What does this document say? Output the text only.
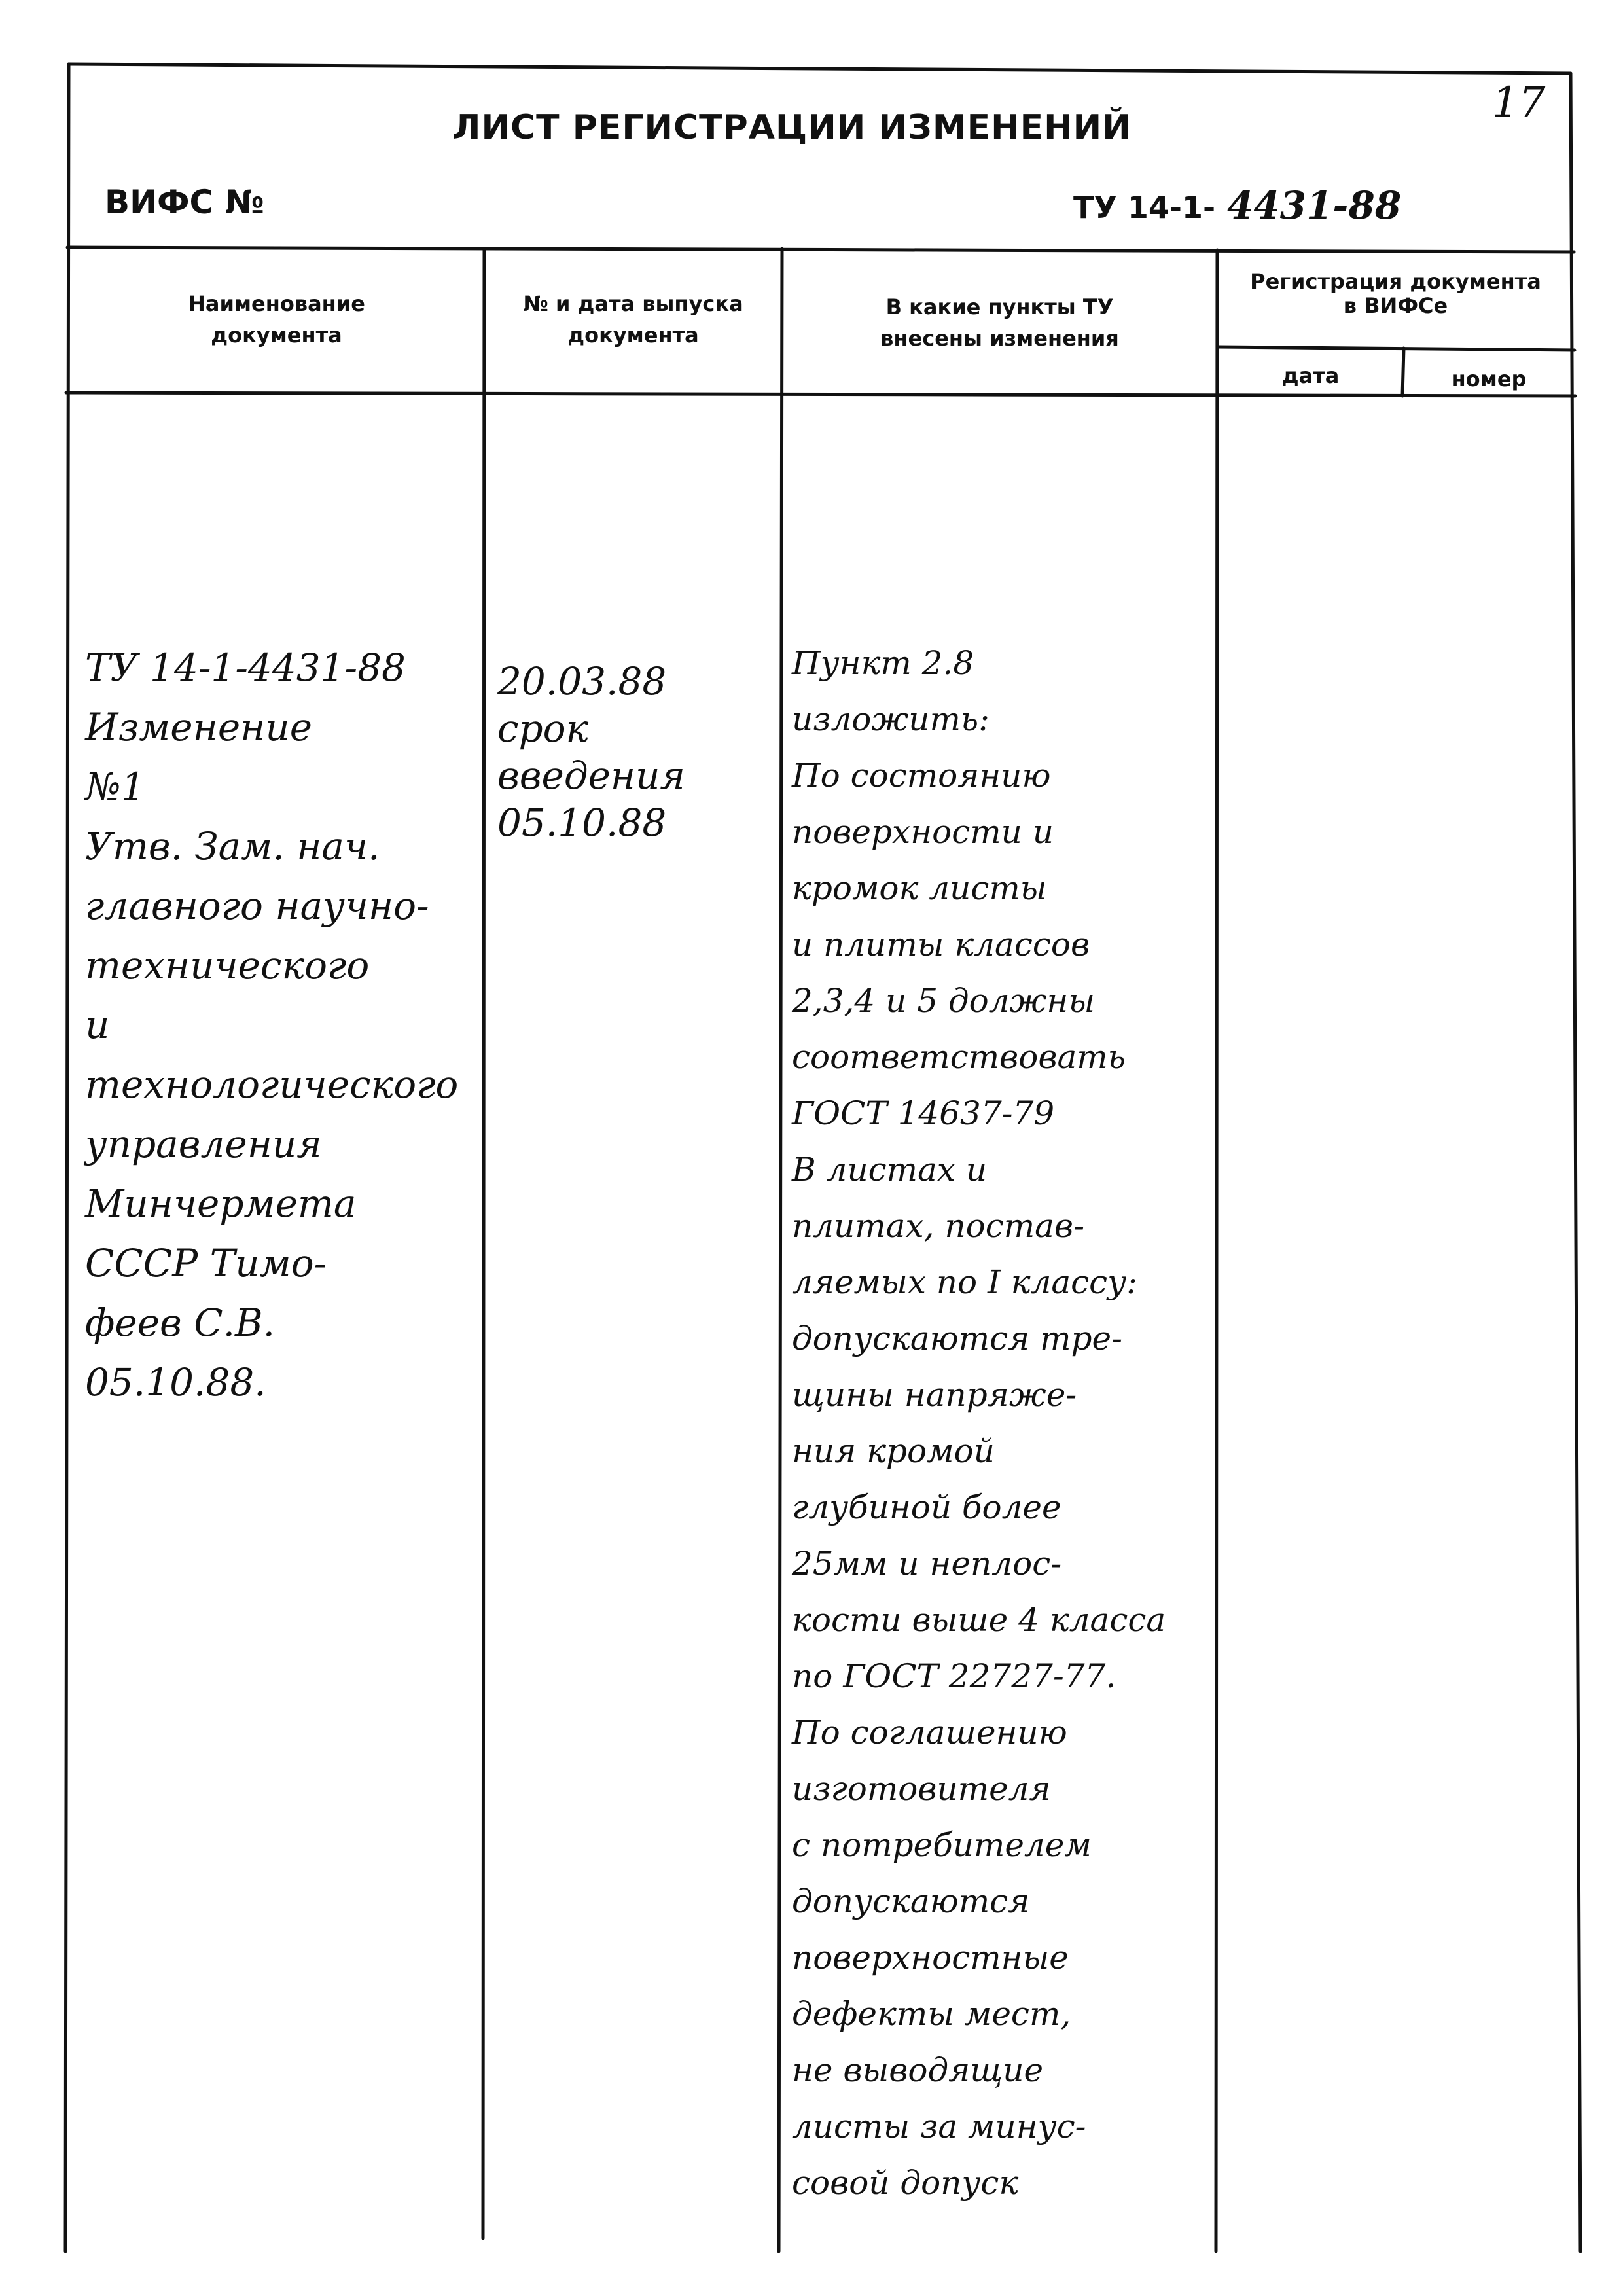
ЛИСТ РЕГИСТРАЦИИ ИЗМЕНЕНИЙ
17
ВИФС №	ТУ 14-1- 4431-88
Наименование
документа
№ и дата выпуска
документа
В какие пункты ТУ
внесены изменения
Регистрация документа
в ВИФСе
дата	номер
ТУ 14-1-4431-88
Изменение
№1
Утв. Зам. нач.
главного научно-
технического
и технологического
управления
Минчермета
СССР Тимо-
феев С.В.
05.10.88.
20.03.88
срок
введения
05.10.88
Пункт 2.8
изложить:
По состоянию
поверхности и
кромок листы
и плиты классов
2,3,4 и 5 должны
соответствовать
ГОСТ 14637-79
В листах и
плитах, постав-
ляемых по I классу:
допускаются тре-
щины напряже-
ния кромой
глубиной более
25мм и неплос-
кости выше 4 класса
по ГОСТ 22727-77.
По соглашению
изготовителя
с потребителем
допускаются
поверхностные
дефекты мест,
не выводящие
листы за минус-
совой допуск
